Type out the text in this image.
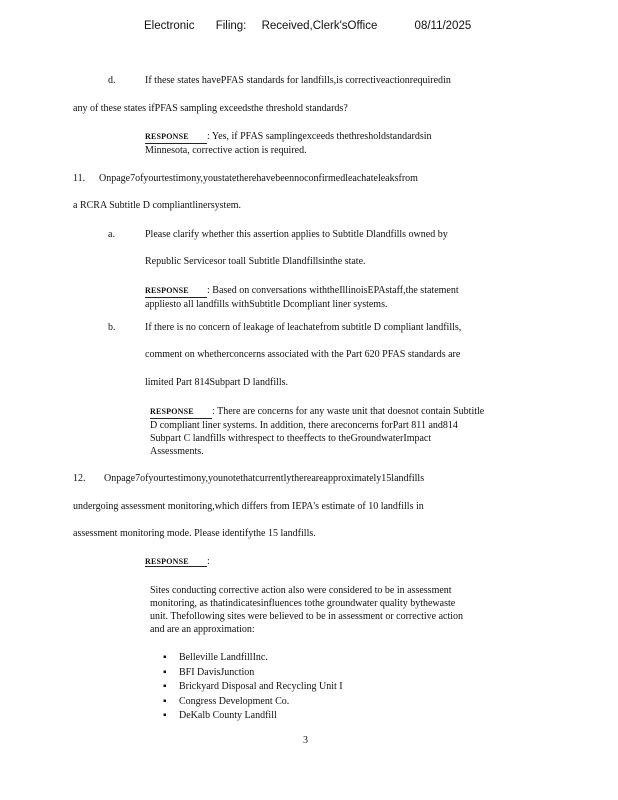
Electronic Filing: Received,Clerk'sOffice	08/11/2025
d.	If these states havePFAS standards for landfills,is correctiveactionrequiredin
any of these states ifPFAS sampling exceedsthe threshold standards?
RESPONSE : Yes, if PFAS samplingexceeds thethresholdstandardsin
Minnesota, corrective action is required.
11. Onpage7ofyourtestimony,youstatetherehavebeennoconfirmedleachateleaksfrom
a RCRA Subtitle D compliantlinersystem.
a.	Please clarify whether this assertion applies to Subtitle Dlandfills owned by
Republic Servicesor toall Subtitle Dlandfillsinthe state.
RESPONSE : Based on conversations withtheIllinoisEPAstaff,the statement
appliesto all landfills withSubtitle Dcompliant liner systems.
b.	If there is no concern of leakage of leachatefrom subtitle D compliant landfills,
comment on whetherconcerns associated with the Part 620 PFAS standards are
limited Part 814Subpart D landfills.
RESPONSE : There are concerns for any waste unit that doesnot contain Subtitle
D compliant liner systems. In addition, there areconcerns forPart 811 and814
Subpart C landfills withrespect to theeffects to theGroundwaterImpact
Assessments.
12. Onpage7ofyourtestimony,younotethatcurrentlythereareapproximately15landfills
undergoing assessment monitoring,which differs from IEPA's estimate of 10 landfills in
assessment monitoring mode. Please identifythe 15 landfills.
RESPONSE :
Sites conducting corrective action also were considered to be in assessment
monitoring, as thatindicatesinfluences tothe groundwater quality bythewaste
unit. Thefollowing sites were believed to be in assessment or corrective action
and are an approximation:
▪	Belleville LandfillInc.
▪	BFI DavisJunction
▪	Brickyard Disposal and Recycling Unit I
▪	Congress Development Co.
▪	DeKalb County Landfill
3
